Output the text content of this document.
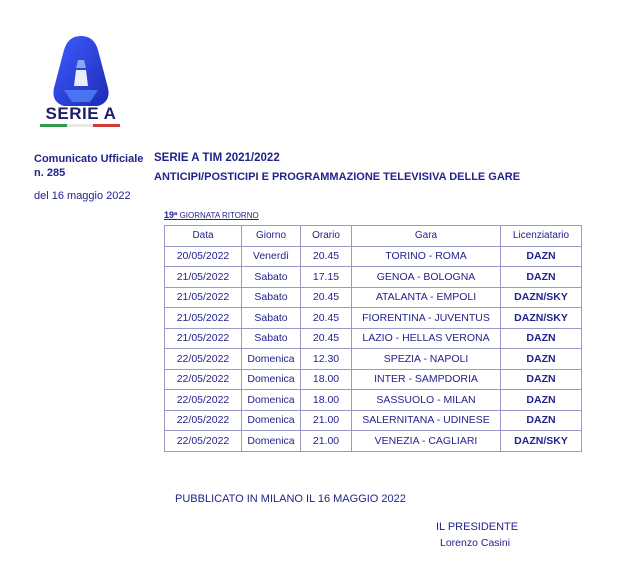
SERIE A
Comunicato Ufficiale
n. 285
del 16 maggio 2022
SERIE A TIM 2021/2022
ANTICIPI/POSTICIPI E PROGRAMMAZIONE TELEVISIVA DELLE GARE
19ª GIORNATA RITORNO
Data	Giorno	Orario	Gara	Licenziatario
20/05/2022	Venerdì	20.45	TORINO - ROMA	DAZN
21/05/2022	Sabato	17.15	GENOA - BOLOGNA	DAZN
21/05/2022	Sabato	20.45	ATALANTA - EMPOLI	DAZN/SKY
21/05/2022	Sabato	20.45	FIORENTINA - JUVENTUS	DAZN/SKY
21/05/2022	Sabato	20.45	LAZIO - HELLAS VERONA	DAZN
22/05/2022	Domenica	12.30	SPEZIA - NAPOLI	DAZN
22/05/2022	Domenica	18.00	INTER - SAMPDORIA	DAZN
22/05/2022	Domenica	18.00	SASSUOLO - MILAN	DAZN
22/05/2022	Domenica	21.00	SALERNITANA - UDINESE	DAZN
22/05/2022	Domenica	21.00	VENEZIA - CAGLIARI	DAZN/SKY
PUBBLICATO IN MILANO IL 16 MAGGIO 2022
IL PRESIDENTE
Lorenzo Casini
